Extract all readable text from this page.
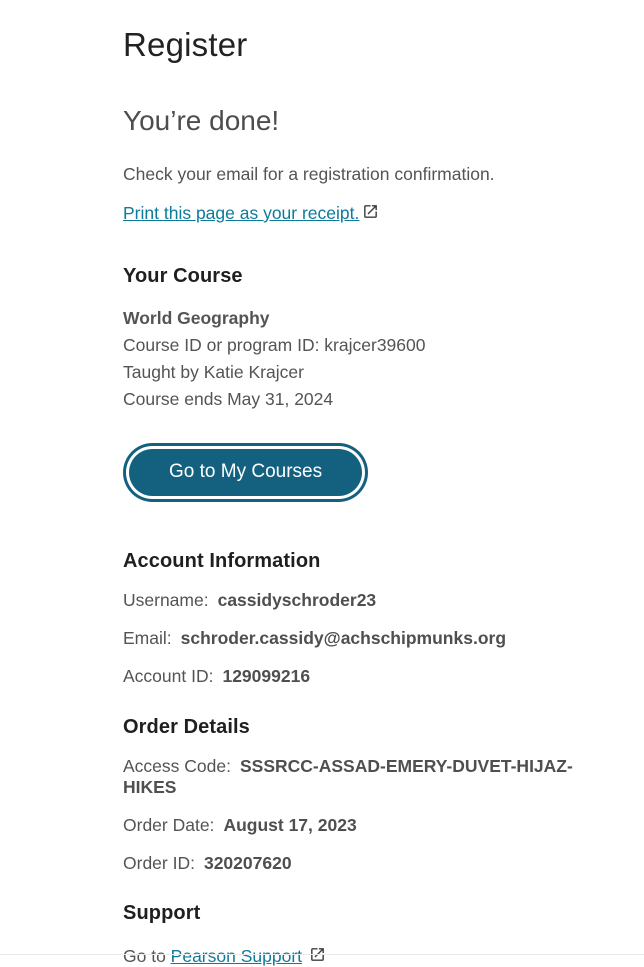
Register
You’re done!

Check your email for a registration confirmation.

Print this page as your receipt.

Your Course
World Geography
Course ID or program ID: krajcer39600
Taught by Katie Krajcer
Course ends May 31, 2024
Go to My Courses
Account Information

Username: cassidyschroder23

Email: schroder.cassidy@achschipmunks.org

Account ID: 129099216

Order Details

Access Code: SSSRCC-ASSAD-EMERY-DUVET-HIJAZ-HIKES

Order Date: August 17, 2023

Order ID: 320207620

Support

Go to Pearson Support
